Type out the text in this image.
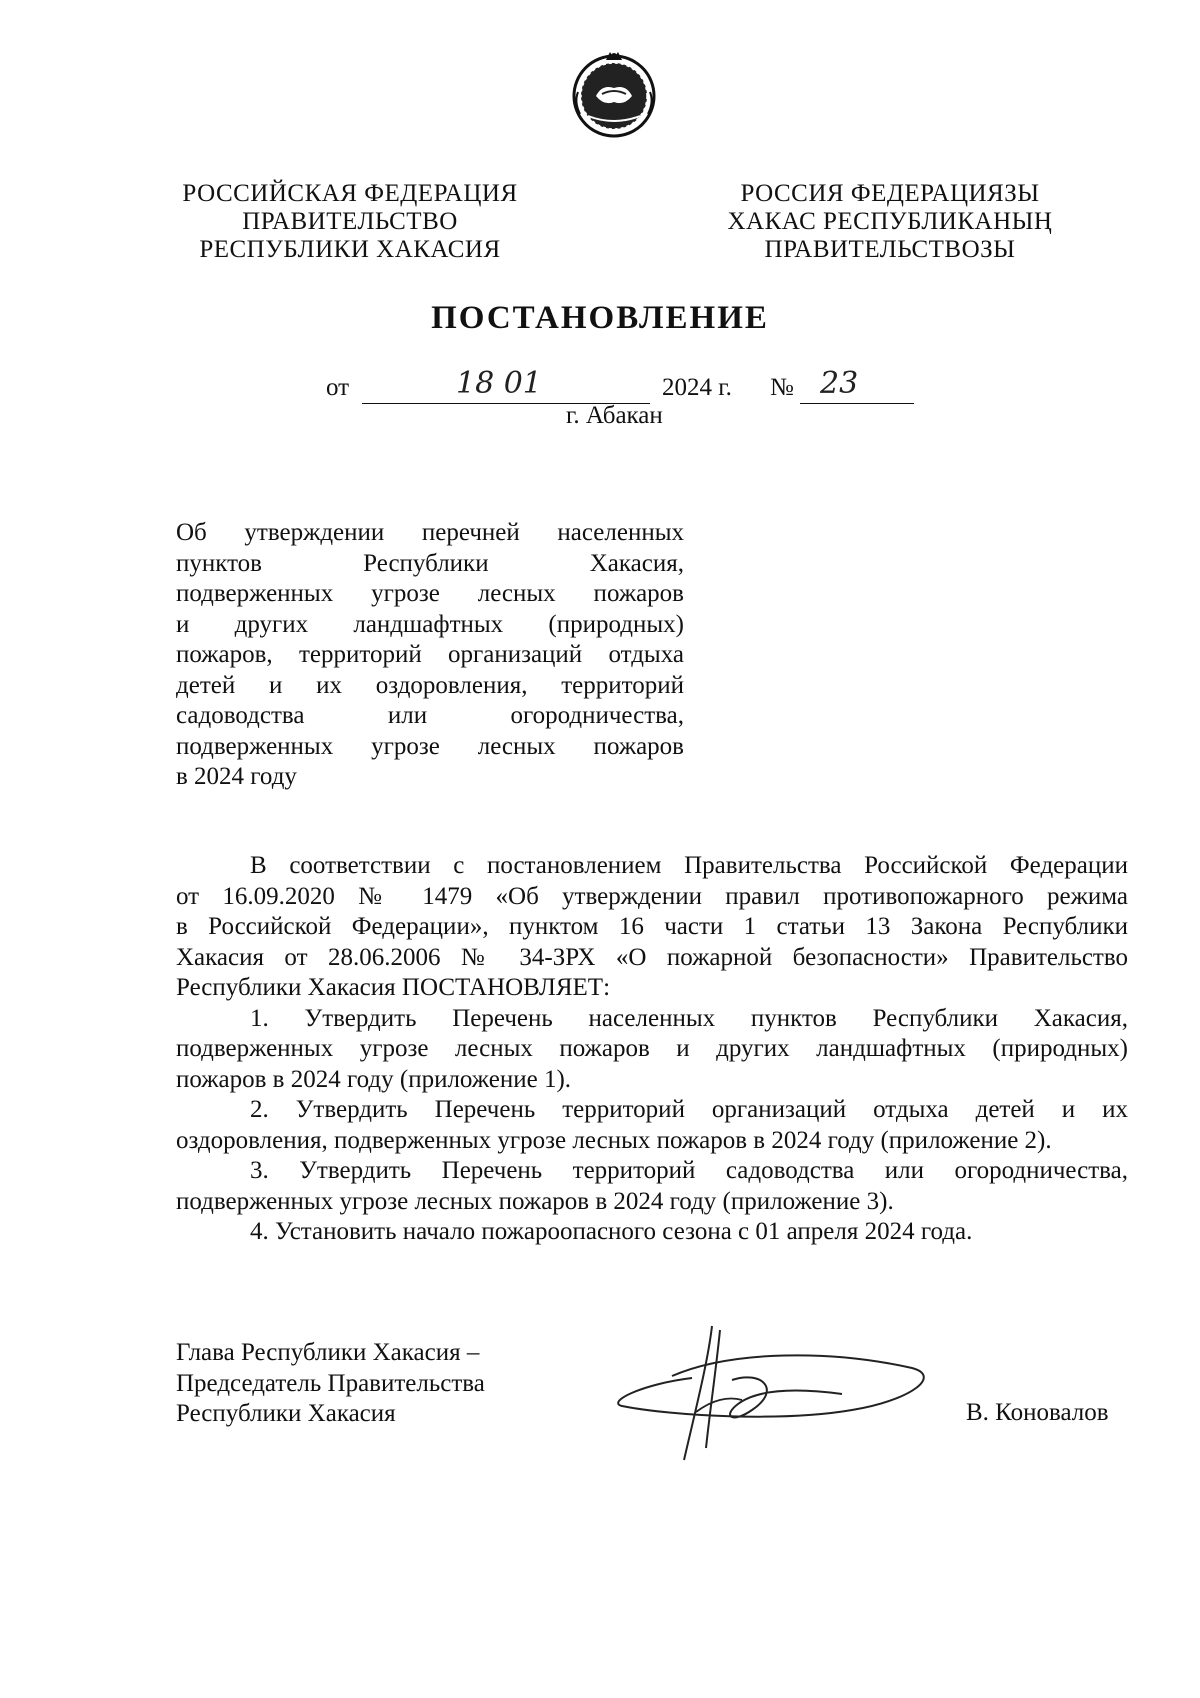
РОССИЙСКАЯ ФЕДЕРАЦИЯ
ПРАВИТЕЛЬСТВО
РЕСПУБЛИКИ ХАКАСИЯ
РОССИЯ ФЕДЕРАЦИЯЗЫ
ХАКАС РЕСПУБЛИКАНЫҢ
ПРАВИТЕЛЬСТВОЗЫ
ПОСТАНОВЛЕНИЕ
от	18 01	2024 г. № 23
г. Абакан
Об утверждении перечней населенных
пунктов Республики Хакасия,
подверженных угрозе лесных пожаров
и других ландшафтных (природных)
пожаров, территорий организаций отдыха
детей и их оздоровления, территорий
садоводства или огородничества,
подверженных угрозе лесных пожаров
в 2024 году
В соответствии с постановлением Правительства Российской Федерации
от 16.09.2020 № 1479 «Об утверждении правил противопожарного режима
в Российской Федерации», пунктом 16 части 1 статьи 13 Закона Республики
Хакасия от 28.06.2006 № 34-ЗРХ «О пожарной безопасности» Правительство
Республики Хакасия ПОСТАНОВЛЯЕТ:
1. Утвердить Перечень населенных пунктов Республики Хакасия,
подверженных угрозе лесных пожаров и других ландшафтных (природных)
пожаров в 2024 году (приложение 1).
2. Утвердить Перечень территорий организаций отдыха детей и их
оздоровления, подверженных угрозе лесных пожаров в 2024 году (приложение 2).
3. Утвердить Перечень территорий садоводства или огородничества,
подверженных угрозе лесных пожаров в 2024 году (приложение 3).
4. Установить начало пожароопасного сезона с 01 апреля 2024 года.
Глава Республики Хакасия –
Председатель Правительства
Республики Хакасия	В. Коновалов
